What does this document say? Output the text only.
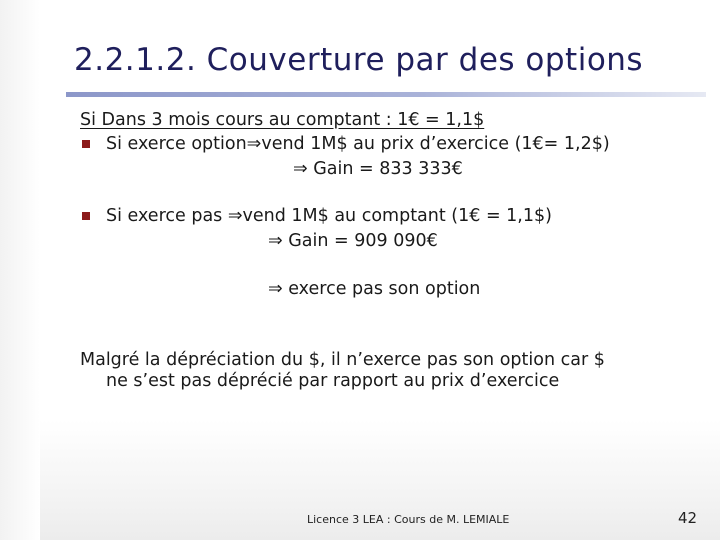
2.2.1.2. Couverture par des options
Si Dans 3 mois cours au comptant : 1€ = 1,1$
Si exerce option⇒vend 1M$ au prix d’exercice (1€= 1,2$)
⇒ Gain = 833 333€
Si exerce pas ⇒vend 1M$ au comptant (1€ = 1,1$)
⇒ Gain = 909 090€
⇒ exerce pas son option
Malgré la dépréciation du $, il n’exerce pas son option car $
ne s’est pas déprécié par rapport au prix d’exercice
Licence 3 LEA : Cours de M. LEMIALE	42
